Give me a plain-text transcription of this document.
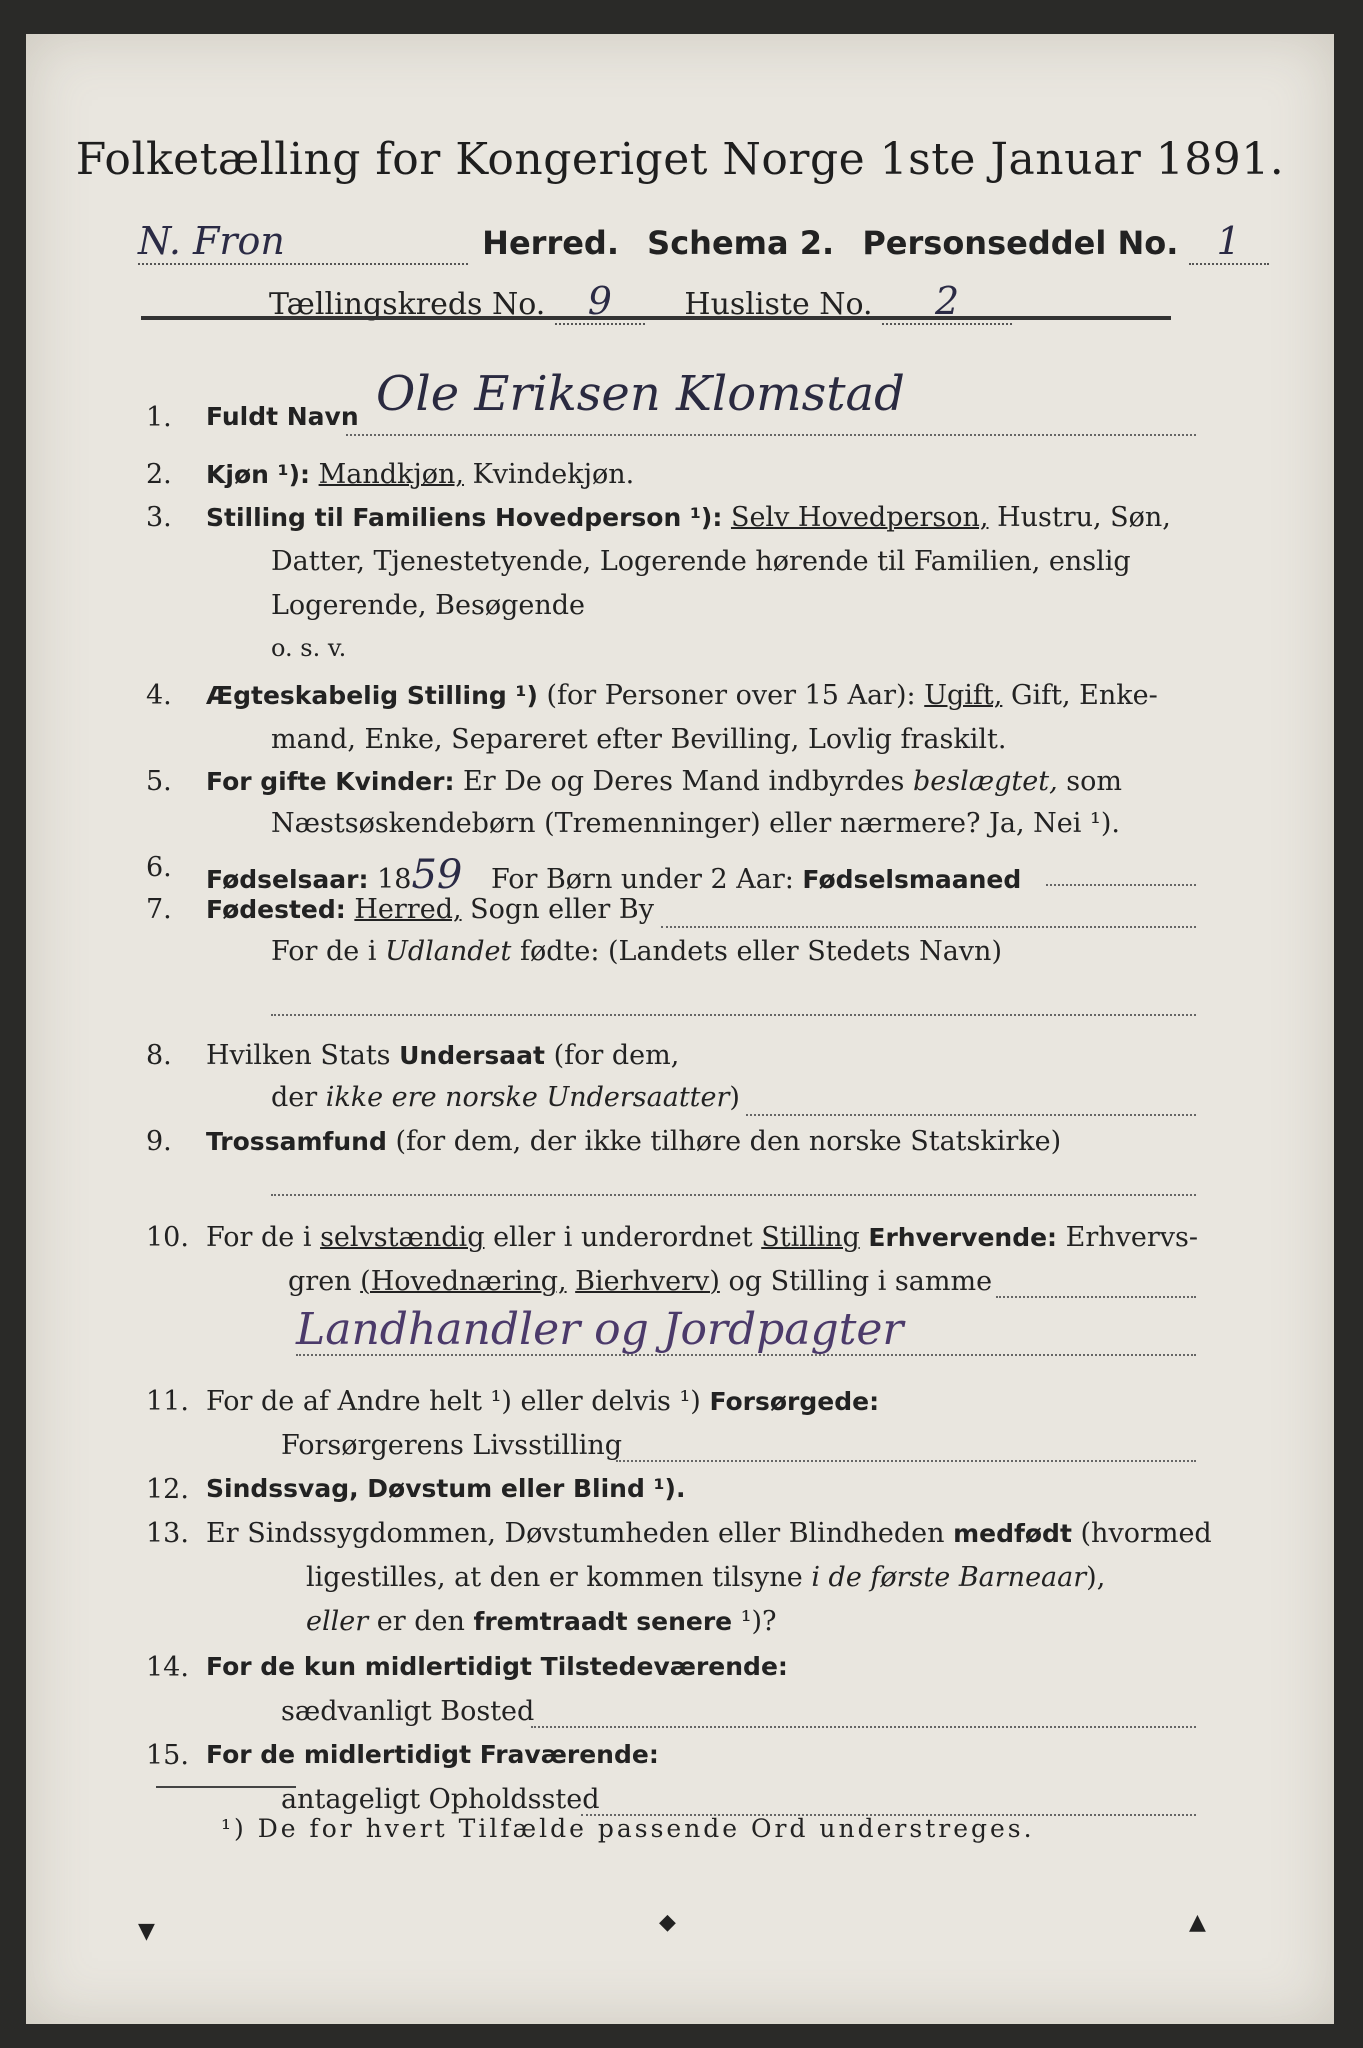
Folketælling for Kongeriget Norge 1ste Januar 1891.
N. Fron	Herred. Schema 2. Personseddel No. 1
Tællingskreds No. 9 Husliste No. 2
1.	Fuldt Navn Ole Eriksen Klomstad
2.	Kjøn ¹): Mandkjøn, Kvindekjøn.
3.	Stilling til Familiens Hovedperson ¹): Selv Hovedperson, Hustru, Søn,
Datter, Tjenestetyende, Logerende hørende til Familien, enslig
Logerende, Besøgende
o. s. v.
4.	Ægteskabelig Stilling ¹) (for Personer over 15 Aar): Ugift, Gift, Enke-
mand, Enke, Separeret efter Bevilling, Lovlig fraskilt.
5.	For gifte Kvinder: Er De og Deres Mand indbyrdes beslægtet, som
Næstsøskendebørn (Tremenninger) eller nærmere? Ja, Nei ¹).
6.	Fødselsaar: 1859 For Børn under 2 Aar: Fødselsmaaned
7.	Fødested: Herred, Sogn eller By
For de i Udlandet fødte: (Landets eller Stedets Navn)
8.	Hvilken Stats Undersaat (for dem,
der ikke ere norske Undersaatter)
9.	Trossamfund (for dem, der ikke tilhøre den norske Statskirke)
10. For de i selvstændig eller i underordnet Stilling Erhvervende: Erhvervs-
gren (Hovednæring, Bierhverv) og Stilling i samme
Landhandler og Jordpagter
11. For de af Andre helt ¹) eller delvis ¹) Forsørgede:
Forsørgerens Livsstilling
12. Sindssvag, Døvstum eller Blind ¹).
13. Er Sindssygdommen, Døvstumheden eller Blindheden medfødt (hvormed
ligestilles, at den er kommen tilsyne i de første Barneaar),
eller er den fremtraadt senere ¹)?
14. For de kun midlertidigt Tilstedeværende:
sædvanligt Bosted
15. For de midlertidigt Fraværende:
¹) De for hvert Tilfælde passende Ord understreges.
▼	◆	▲
antageligt Opholdssted
